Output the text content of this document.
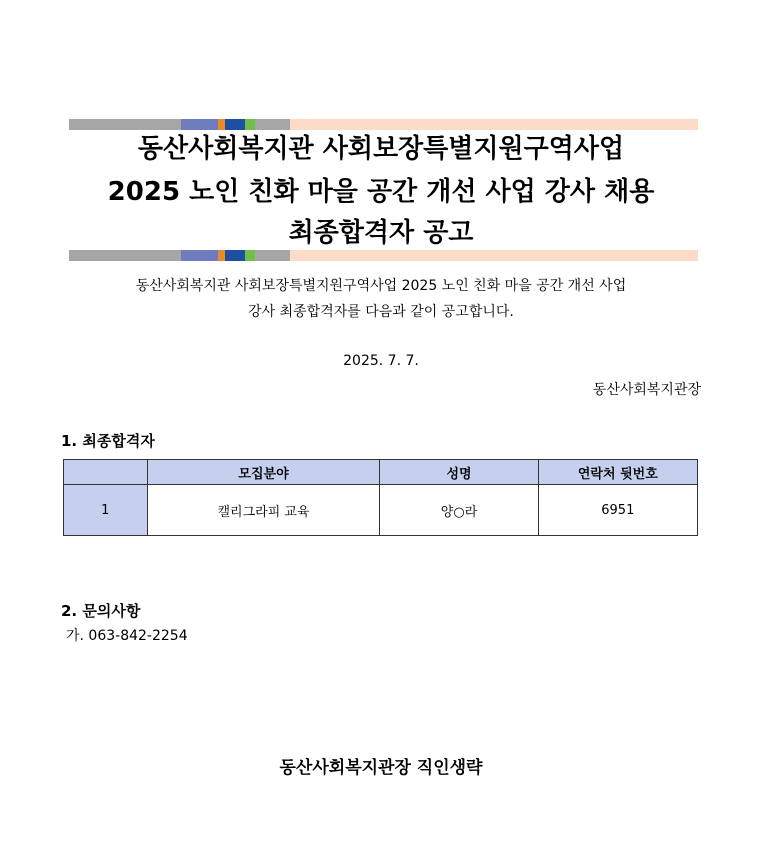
동산사회복지관 사회보장특별지원구역사업
2025 노인 친화 마을 공간 개선 사업 강사 채용
최종합격자 공고
동산사회복지관 사회보장특별지원구역사업 2025 노인 친화 마을 공간 개선 사업
강사 최종합격자를 다음과 같이 공고합니다.
2025. 7. 7.
동산사회복지관장
1. 최종합격자
	모집분야	성명	연락처 뒷번호
1	캘리그라피 교육	양○라	6951
2. 문의사항
가. 063-842-2254
동산사회복지관장 직인생략
